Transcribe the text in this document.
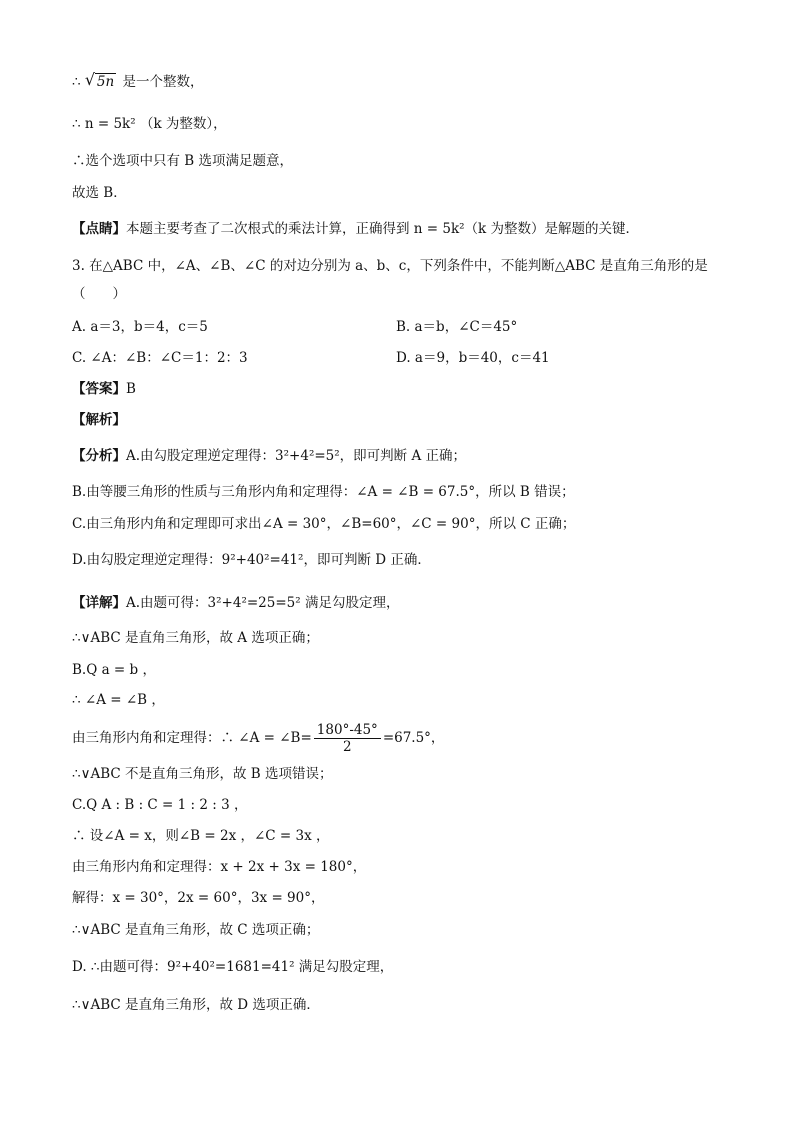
∴ √ 5n 是一个整数，
∴ n = 5k² （k 为整数），
∴选个选项中只有 B 选项满足题意，
故选 B．
【点睛】本题主要考查了二次根式的乘法计算，正确得到 n = 5k²（k 为整数）是解题的关键．
3. 在△ABC 中，∠A、∠B、∠C 的对边分别为 a、b、c，下列条件中，不能判断△ABC 是直角三角形的是
（　　）
A. a＝3，b＝4，c＝5	B. a＝b，∠C＝45°
C. ∠A：∠B：∠C＝1：2：3	D. a＝9，b＝40，c＝41
【答案】B
【解析】
【分析】A.由勾股定理逆定理得：3²+4²=5²，即可判断 A 正确；
B.由等腰三角形的性质与三角形内角和定理得：∠A = ∠B = 67.5°，所以 B 错误；
C.由三角形内角和定理即可求出∠A = 30°，∠B=60°，∠C = 90°，所以 C 正确；
D.由勾股定理逆定理得：9²+40²=41²，即可判断 D 正确．
【详解】A.由题可得：3²+4²=25=5² 满足勾股定理，
∴∨ABC 是直角三角形，故 A 选项正确；
B.Q a = b ，
∴ ∠A = ∠B ，
由三角形内角和定理得：∴ ∠A = ∠B= $\frac{180^\circ-45^\circ}{2} =67.5^\circ$，
∴∨ABC 不是直角三角形，故 B 选项错误；
C.Q A : B : C = 1 : 2 : 3 ，
∴ 设∠A = x，则∠B = 2x ，∠C = 3x ，
由三角形内角和定理得：x + 2x + 3x = 180°，
解得：x = 30°，2x = 60°，3x = 90°，
∴∨ABC 是直角三角形，故 C 选项正确；
D. ∴由题可得：9²+40²=1681=41² 满足勾股定理，
∴∨ABC 是直角三角形，故 D 选项正确．
